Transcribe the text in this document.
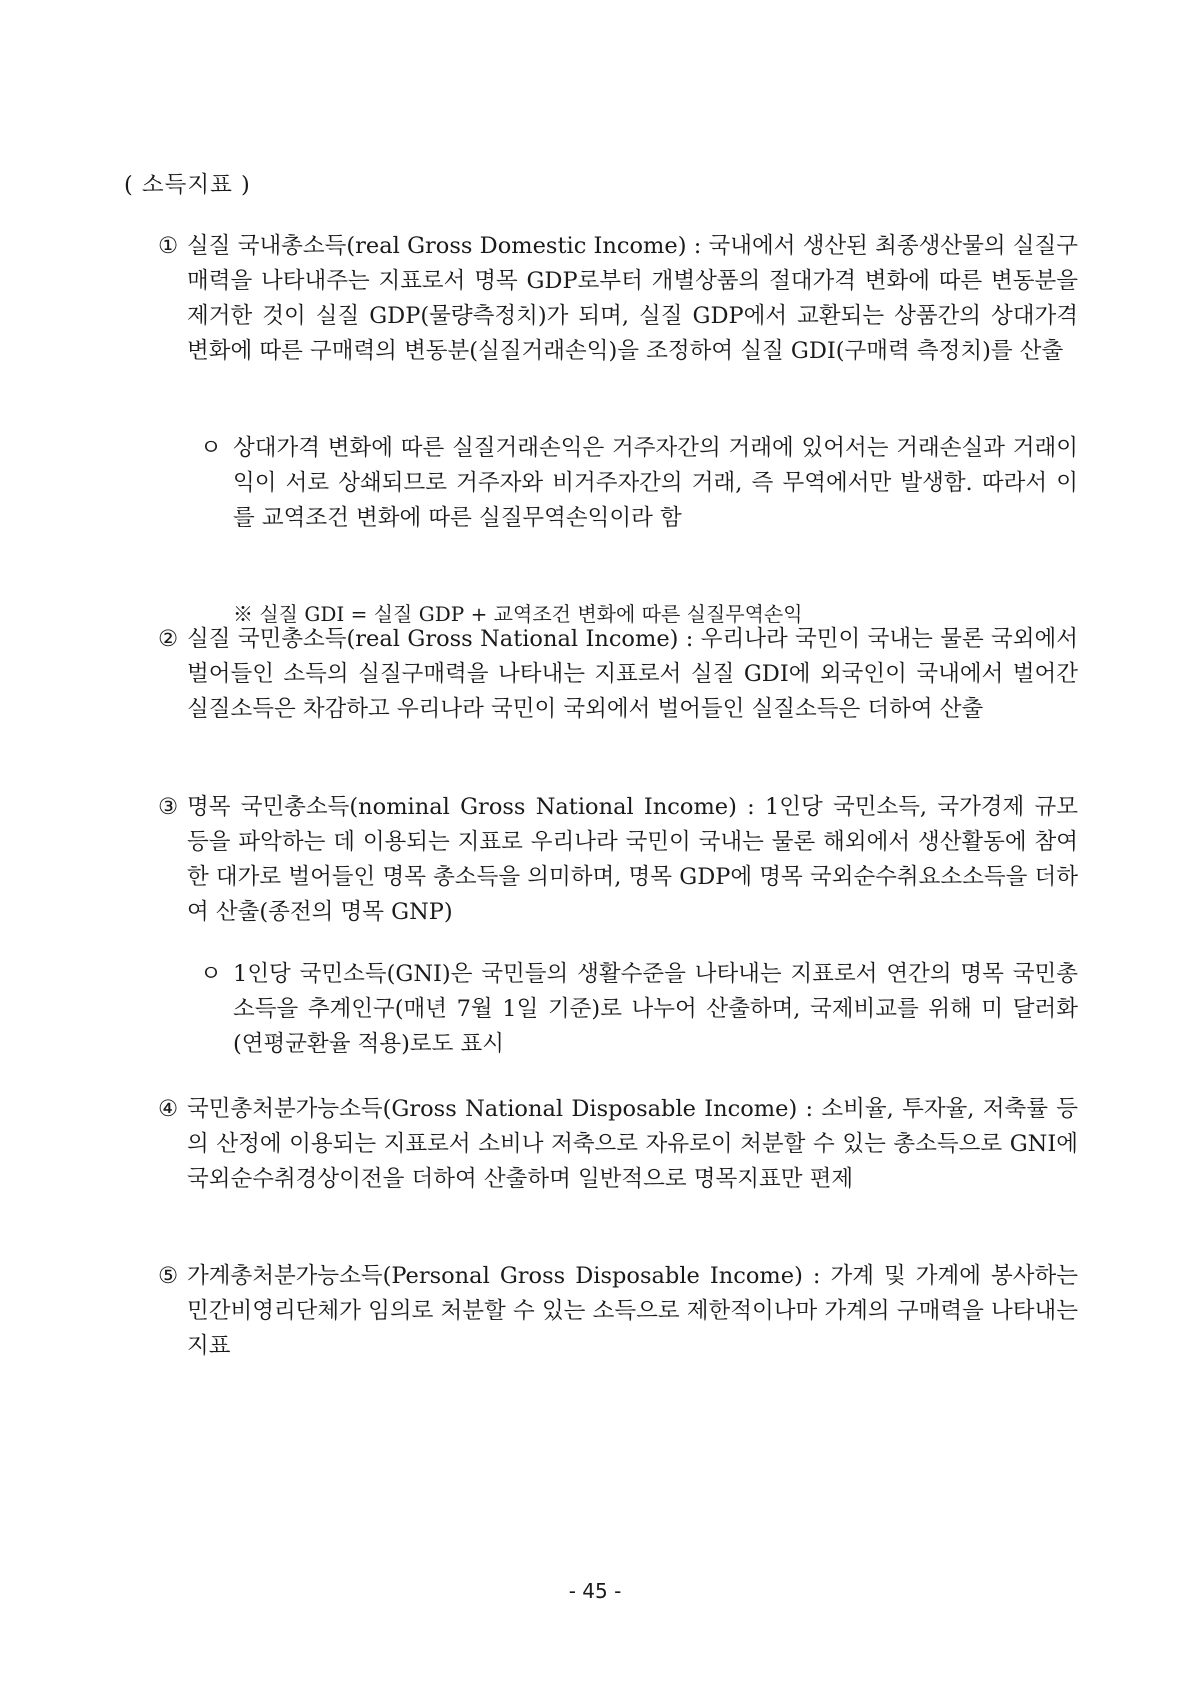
( 소득지표 )
① 실질 국내총소득(real Gross Domestic Income) : 국내에서 생산된 최종생산물의 실질구매력을 나타내주는 지표로서 명목 GDP로부터 개별상품의 절대가격 변화에 따른 변동분을 제거한 것이 실질 GDP(물량측정치)가 되며, 실질 GDP에서 교환되는 상품간의 상대가격 변화에 따른 구매력의 변동분(실질거래손익)을 조정하여 실질 GDI(구매력 측정치)를 산출
ㅇ 상대가격 변화에 따른 실질거래손익은 거주자간의 거래에 있어서는 거래손실과 거래이익이 서로 상쇄되므로 거주자와 비거주자간의 거래, 즉 무역에서만 발생함. 따라서 이를 교역조건 변화에 따른 실질무역손익이라 함
※ 실질 GDI = 실질 GDP + 교역조건 변화에 따른 실질무역손익
② 실질 국민총소득(real Gross National Income) : 우리나라 국민이 국내는 물론 국외에서 벌어들인 소득의 실질구매력을 나타내는 지표로서 실질 GDI에 외국인이 국내에서 벌어간 실질소득은 차감하고 우리나라 국민이 국외에서 벌어들인 실질소득은 더하여 산출
③ 명목 국민총소득(nominal Gross National Income) : 1인당 국민소득, 국가경제 규모 등을 파악하는 데 이용되는 지표로 우리나라 국민이 국내는 물론 해외에서 생산활동에 참여한 대가로 벌어들인 명목 총소득을 의미하며, 명목 GDP에 명목 국외순수취요소소득을 더하여 산출(종전의 명목 GNP)
ㅇ 1인당 국민소득(GNI)은 국민들의 생활수준을 나타내는 지표로서 연간의 명목 국민총소득을 추계인구(매년 7월 1일 기준)로 나누어 산출하며, 국제비교를 위해 미 달러화(연평균환율 적용)로도 표시
④ 국민총처분가능소득(Gross National Disposable Income) : 소비율, 투자율, 저축률 등의 산정에 이용되는 지표로서 소비나 저축으로 자유로이 처분할 수 있는 총소득으로 GNI에 국외순수취경상이전을 더하여 산출하며 일반적으로 명목지표만 편제
⑤ 가계총처분가능소득(Personal Gross Disposable Income) : 가계 및 가계에 봉사하는 민간비영리단체가 임의로 처분할 수 있는 소득으로 제한적이나마 가계의 구매력을 나타내는 지표
- 45 -
